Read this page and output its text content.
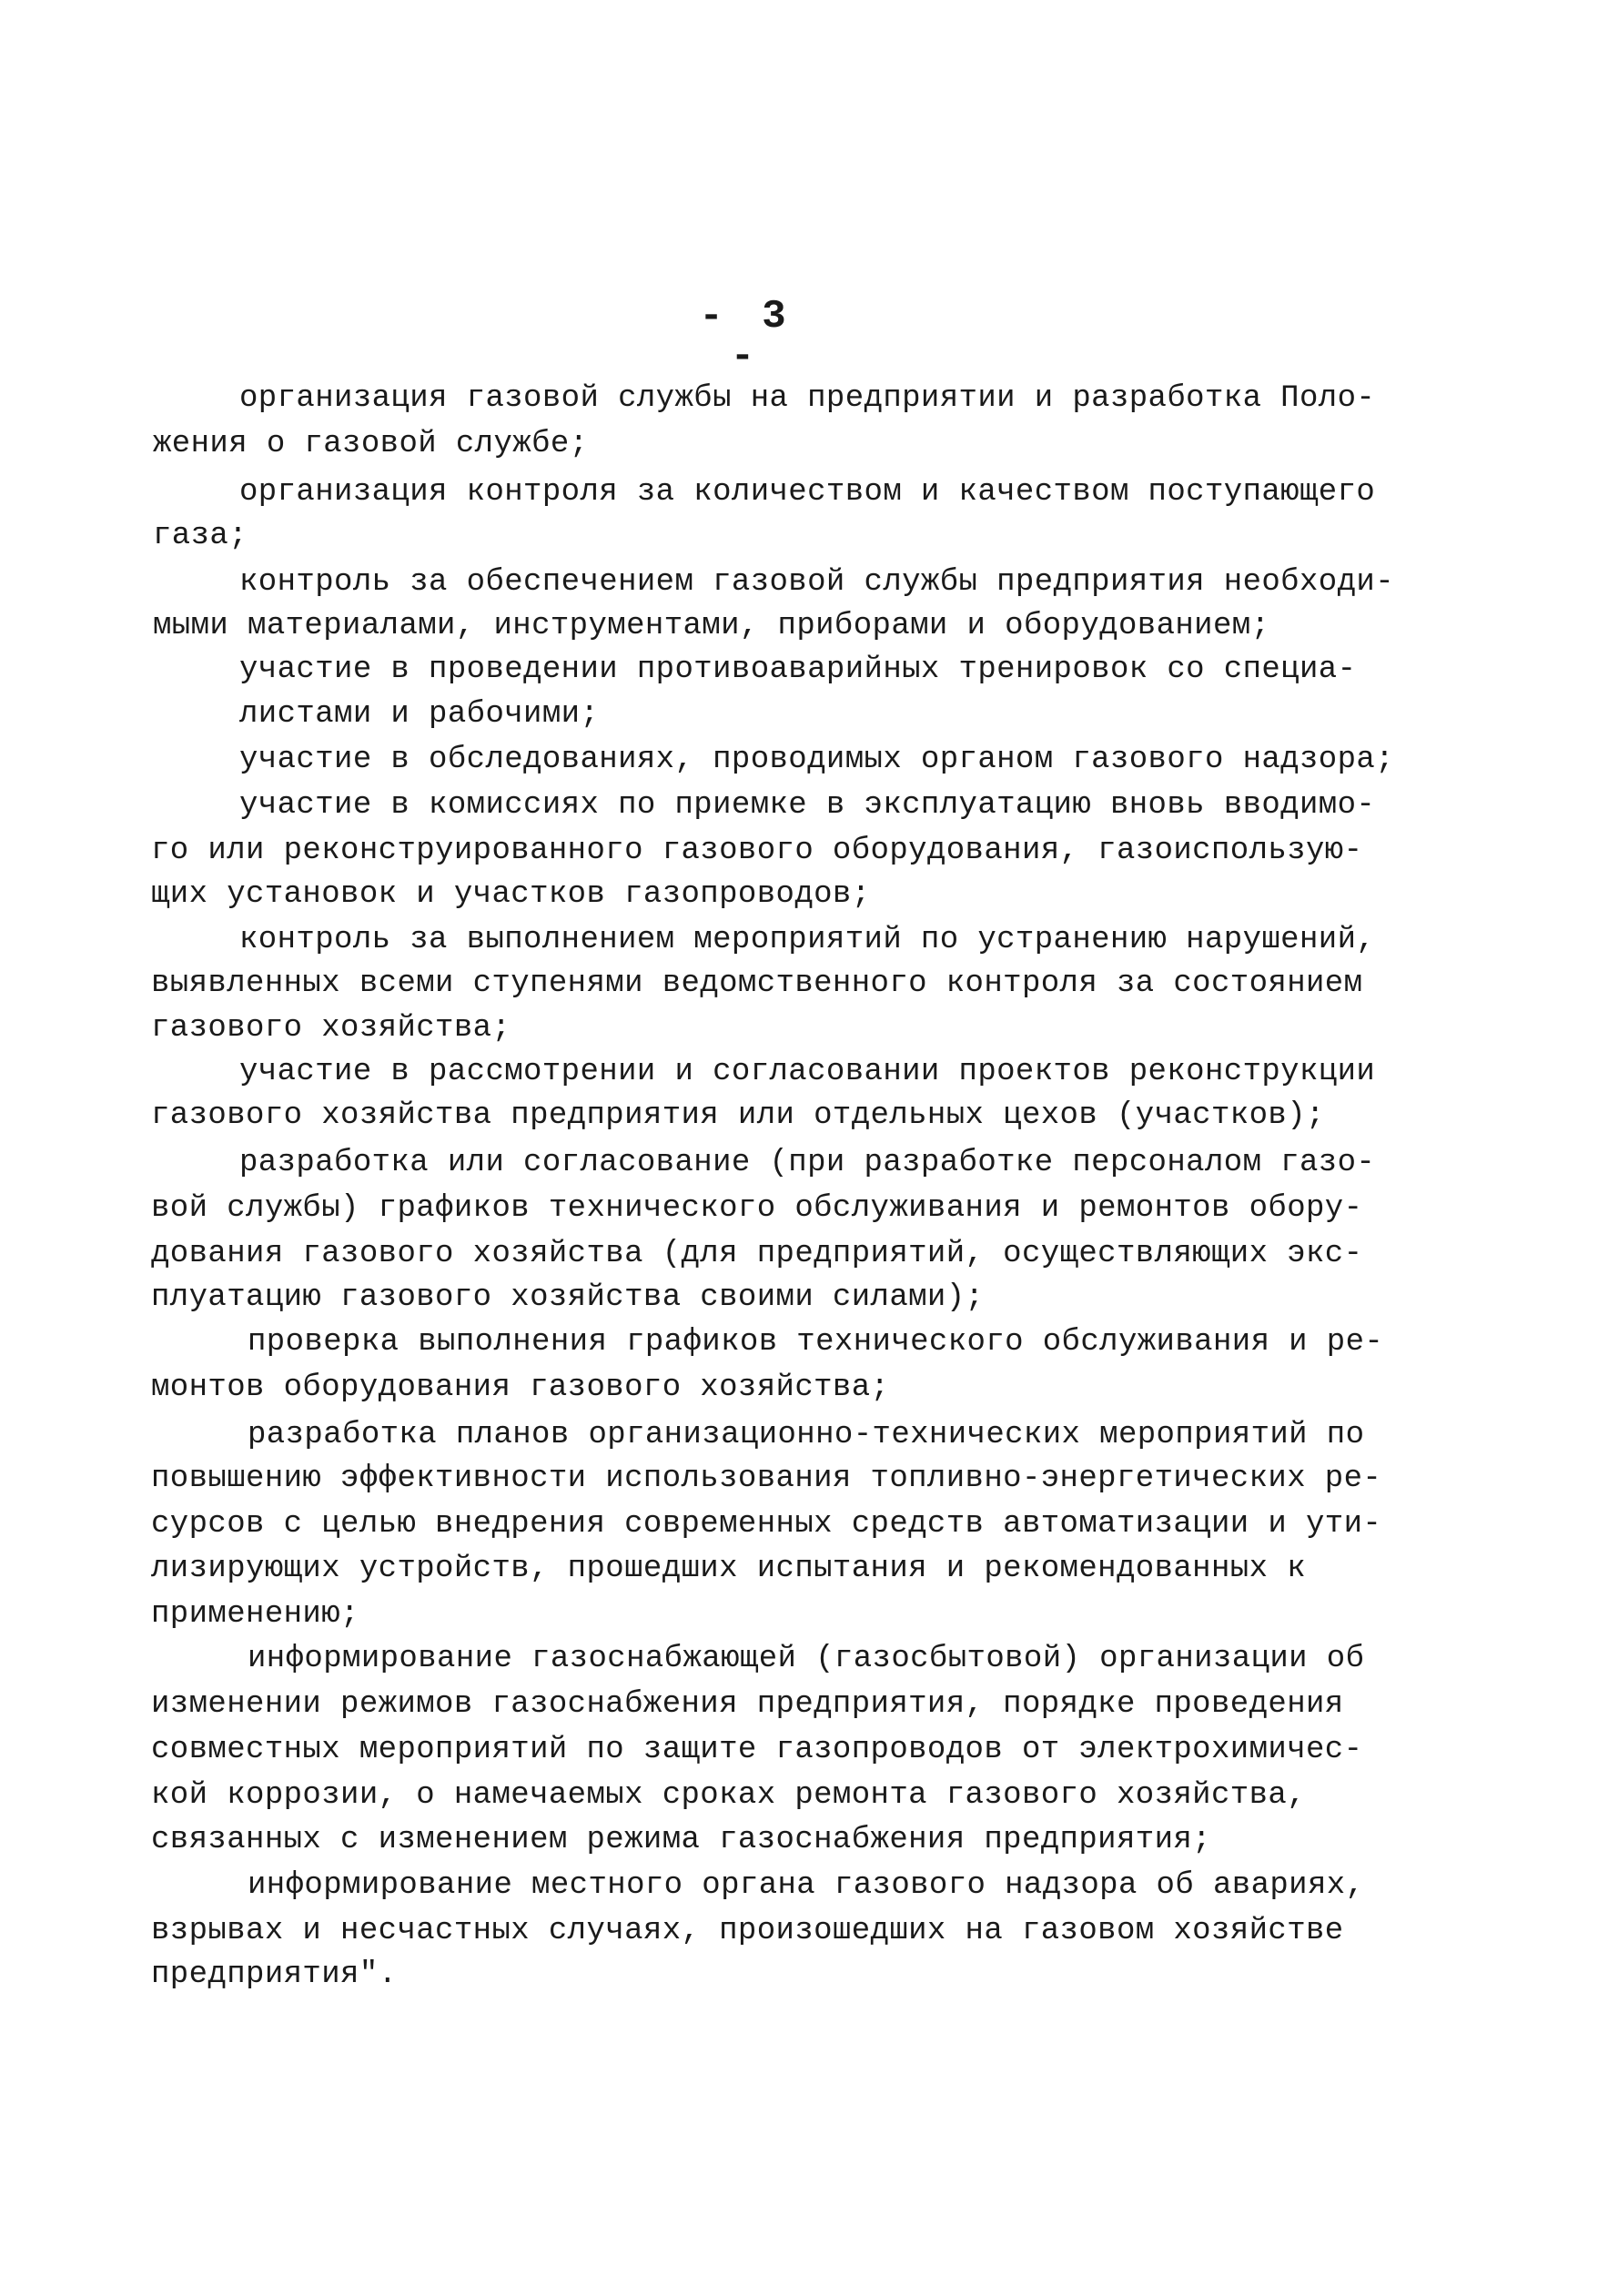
- 3 -
организация газовой службы на предприятии и разработка Поло-
жения о газовой службе;
организация контроля за количеством и качеством поступающего
газа;
контроль за обеспечением газовой службы предприятия необходи-
мыми материалами, инструментами, приборами и оборудованием;
участие в проведении противоаварийных тренировок со специа-
листами и рабочими;
участие в обследованиях, проводимых органом газового надзора;
участие в комиссиях по приемке в эксплуатацию вновь вводимо-
го или реконструированного газового оборудования, газоиспользую-
щих установок и участков газопроводов;
контроль за выполнением мероприятий по устранению нарушений,
выявленных всеми ступенями ведомственного контроля за состоянием
газового хозяйства;
участие в рассмотрении и согласовании проектов реконструкции
газового хозяйства предприятия или отдельных цехов (участков);
разработка или согласование (при разработке персоналом газо-
вой службы) графиков технического обслуживания и ремонтов обору-
дования газового хозяйства (для предприятий, осуществляющих экс-
плуатацию газового хозяйства своими силами);
проверка выполнения графиков технического обслуживания и ре-
монтов оборудования газового хозяйства;
разработка планов организационно-технических мероприятий по
повышению эффективности использования топливно-энергетических ре-
сурсов с целью внедрения современных средств автоматизации и ути-
лизирующих устройств, прошедших испытания и рекомендованных к
применению;
информирование газоснабжающей (газосбытовой) организации об
изменении режимов газоснабжения предприятия, порядке проведения
совместных мероприятий по защите газопроводов от электрохимичес-
кой коррозии, о намечаемых сроках ремонта газового хозяйства,
связанных с изменением режима газоснабжения предприятия;
информирование местного органа газового надзора об авариях,
взрывах и несчастных случаях, произошедших на газовом хозяйстве
предприятия".
